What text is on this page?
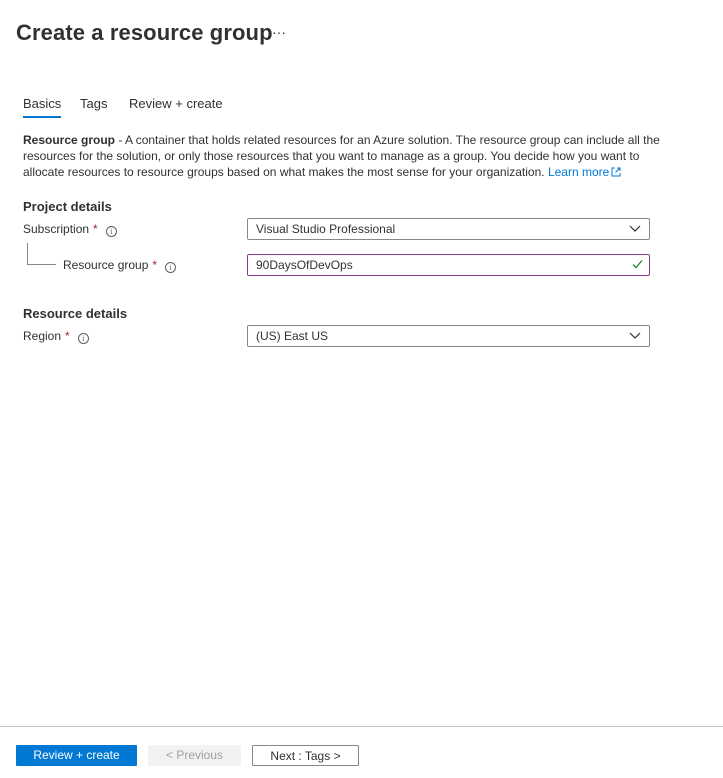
Create a resource group ···
Basics Tags Review + create
Resource group - A container that holds related resources for an Azure solution. The resource group can include all the resources for the solution, or only those resources that you want to manage as a group. You decide how you want to allocate resources to resource groups based on what makes the most sense for your organization. Learn more
Project details
Subscription * i	Visual Studio Professional
Resource group * i	90DaysOfDevOps
Resource details
Region * i	(US) East US
Review + create	< Previous	Next : Tags >
